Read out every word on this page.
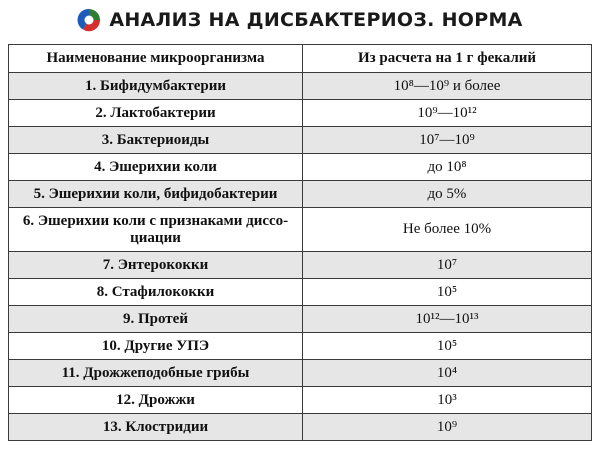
АНАЛИЗ НА ДИСБАКТЕРИОЗ. НОРМА
Наименование микроорганизма	Из расчета на 1 г фекалий
1. Бифидумбактерии	10⁸—10⁹ и более
2. Лактобактерии	10⁹—10¹²
3. Бактериоиды	10⁷—10⁹
4. Эшерихии коли	до 10⁸
5. Эшерихии коли, бифидобактерии	до 5%
6. Эшерихии коли с признаками диссо-циации	Не более 10%
7. Энтерококки	10⁷
8. Стафилококки	10⁵
9. Протей	10¹²—10¹³
10. Другие УПЭ	10⁵
11. Дрожжеподобные грибы	10⁴
12. Дрожжи	10³
13. Клостридии	10⁹
